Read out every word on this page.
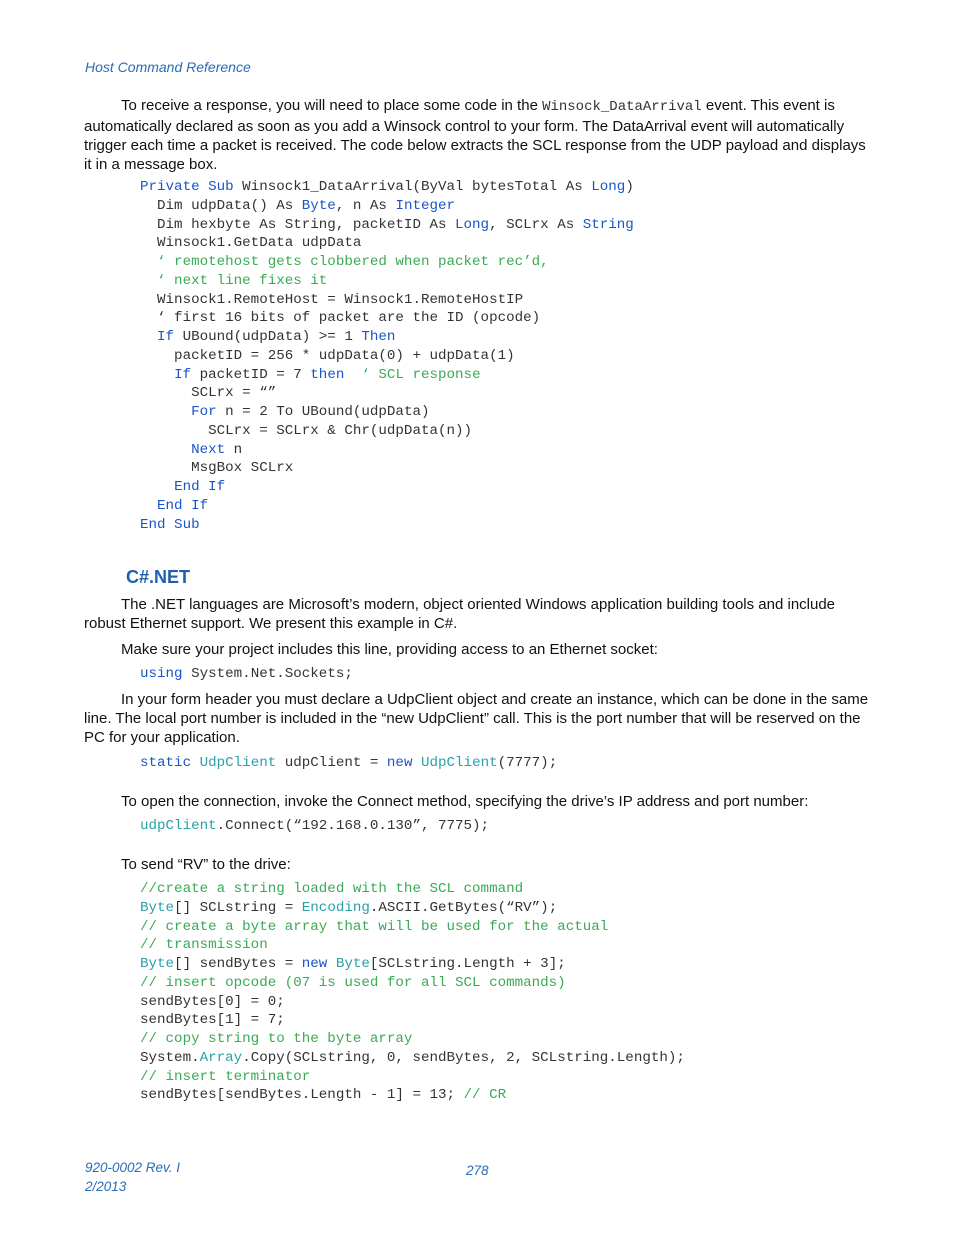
Host Command Reference

To receive a response, you will need to place some code in the Winsock_DataArrival event. This event is automatically declared as soon as you add a Winsock control to your form. The DataArrival event will automatically trigger each time a packet is received. The code below extracts the SCL response from the UDP payload and displays it in a message box.

Private Sub Winsock1_DataArrival(ByVal bytesTotal As Long)
Dim udpData() As Byte, n As Integer
Dim hexbyte As String, packetID As Long, SCLrx As String
Winsock1.GetData udpData
‘ remotehost gets clobbered when packet rec’d,
‘ next line fixes it
Winsock1.RemoteHost = Winsock1.RemoteHostIP
‘ first 16 bits of packet are the ID (opcode)
If UBound(udpData) >= 1 Then
packetID = 256 * udpData(0) + udpData(1)
If packetID = 7 then  ‘ SCL response
SCLrx = “”
For n = 2 To UBound(udpData)
SCLrx = SCLrx & Chr(udpData(n))
Next n
MsgBox SCLrx
End If
End If
End Sub
C#.NET

The .NET languages are Microsoft’s modern, object oriented Windows application building tools and include robust Ethernet support. We present this example in C#.

Make sure your project includes this line, providing access to an Ethernet socket:

using System.Net.Sockets;

In your form header you must declare a UdpClient object and create an instance, which can be done in the same line. The local port number is included in the “new UdpClient” call. This is the port number that will be reserved on the PC for your application.

static UdpClient udpClient = new UdpClient(7777);

To open the connection, invoke the Connect method, specifying the drive’s IP address and port number:

udpClient.Connect(“192.168.0.130”, 7775);

To send “RV” to the drive:

//create a string loaded with the SCL command
Byte[] SCLstring = Encoding.ASCII.GetBytes(“RV”);
// create a byte array that will be used for the actual
// transmission
Byte[] sendBytes = new Byte[SCLstring.Length + 3];
// insert opcode (07 is used for all SCL commands)
sendBytes[0] = 0;
sendBytes[1] = 7;
// copy string to the byte array
System.Array.Copy(SCLstring, 0, sendBytes, 2, SCLstring.Length);
// insert terminator
sendBytes[sendBytes.Length - 1] = 13; // CR
920-0002 Rev. I
2/2013
278
